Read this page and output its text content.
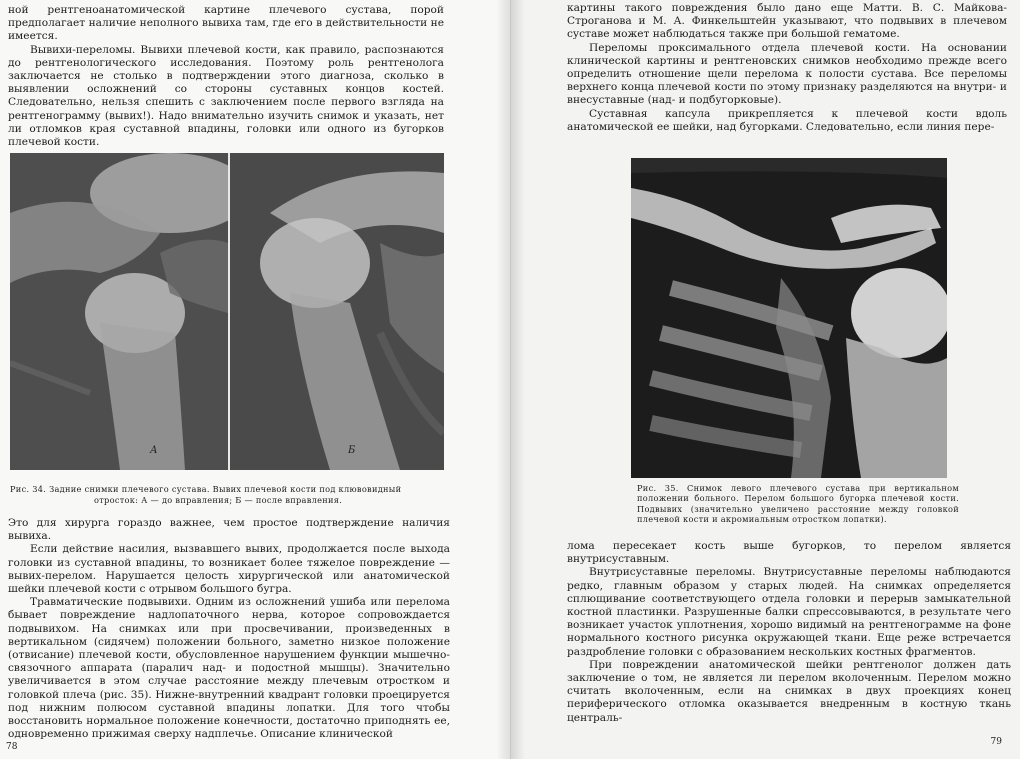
ной рентгеноанатомической картине плечевого сустава, порой предполагает наличие неполного вывиха там, где его в действительности не имеется.

Вывихи-переломы. Вывихи плечевой кости, как правило, распознаются до рентгенологического исследования. Поэтому роль рентгенолога заключается не столько в подтверждении этого диагноза, сколько в выявлении осложнений со стороны суставных концов костей. Следовательно, нельзя спешить с заключением после первого взгляда на рентгенограмму (вывих!). Надо внимательно изучить снимок и указать, нет ли отломков края суставной впадины, головки или одного из бугорков плечевой кости.

А	Б
Рис. 34. Задние снимки плечевого сустава. Вывих плечевой кости под клювовидный
отросток: А — до вправления; Б — после вправления.

Это для хирурга гораздо важнее, чем простое подтверждение наличия вывиха.

Если действие насилия, вызвавшего вывих, продолжается после выхода головки из суставной впадины, то возникает более тяжелое повреждение — вывих-перелом. Нарушается целость хирургической или анатомической шейки плечевой кости с отрывом большого бугра.

Травматические подвывихи. Одним из осложнений ушиба или перелома бывает повреждение надлопаточного нерва, которое сопровождается подвывихом. На снимках или при просвечивании, произведенных в вертикальном (сидячем) положении больного, заметно низкое положение (отвисание) плечевой кости, обусловленное нарушением функции мышечно-связочного аппарата (паралич над- и подостной мышцы). Значительно увеличивается в этом случае расстояние между плечевым отростком и головкой плеча (рис. 35). Нижне-внутренний квадрант головки проецируется под нижним полюсом суставной впадины лопатки. Для того чтобы восстановить нормальное положение конечности, достаточно приподнять ее, одновременно прижимая сверху надплечье. Описание клинической

78

картины такого повреждения было дано еще Матти. В. С. Майкова-Строганова и М. А. Финкельштейн указывают, что подвывих в плечевом суставе может наблюдаться также при большой гематоме.

Переломы проксимального отдела плечевой кости. На основании клинической картины и рентгеновских снимков необходимо прежде всего определить отношение щели перелома к полости сустава. Все переломы верхнего конца плечевой кости по этому признаку разделяются на внутри- и внесуставные (над- и подбугорковые).

Суставная капсула прикрепляется к плечевой кости вдоль анатомической ее шейки, над бугорками. Следовательно, если линия пере-

Рис. 35. Снимок левого плечевого сустава при вертикальном положении больного. Перелом большого бугорка плечевой кости. Подвывих (значительно увеличено расстояние между головкой плечевой кости и акромиальным отростком лопатки).

лома пересекает кость выше бугорков, то перелом является внутрисуставным.

Внутрисуставные переломы. Внутрисуставные переломы наблюдаются редко, главным образом у старых людей. На снимках определяется сплющивание соответствующего отдела головки и перерыв замыкательной костной пластинки. Разрушенные балки спрессовываются, в результате чего возникает участок уплотнения, хорошо видимый на рентгенограмме на фоне нормального костного рисунка окружающей ткани. Еще реже встречается раздробление головки с образованием нескольких костных фрагментов.

При повреждении анатомической шейки рентгенолог должен дать заключение о том, не является ли перелом вколоченным. Перелом можно считать вколоченным, если на снимках в двух проекциях конец периферического отломка оказывается внедренным в костную ткань централь-

79
